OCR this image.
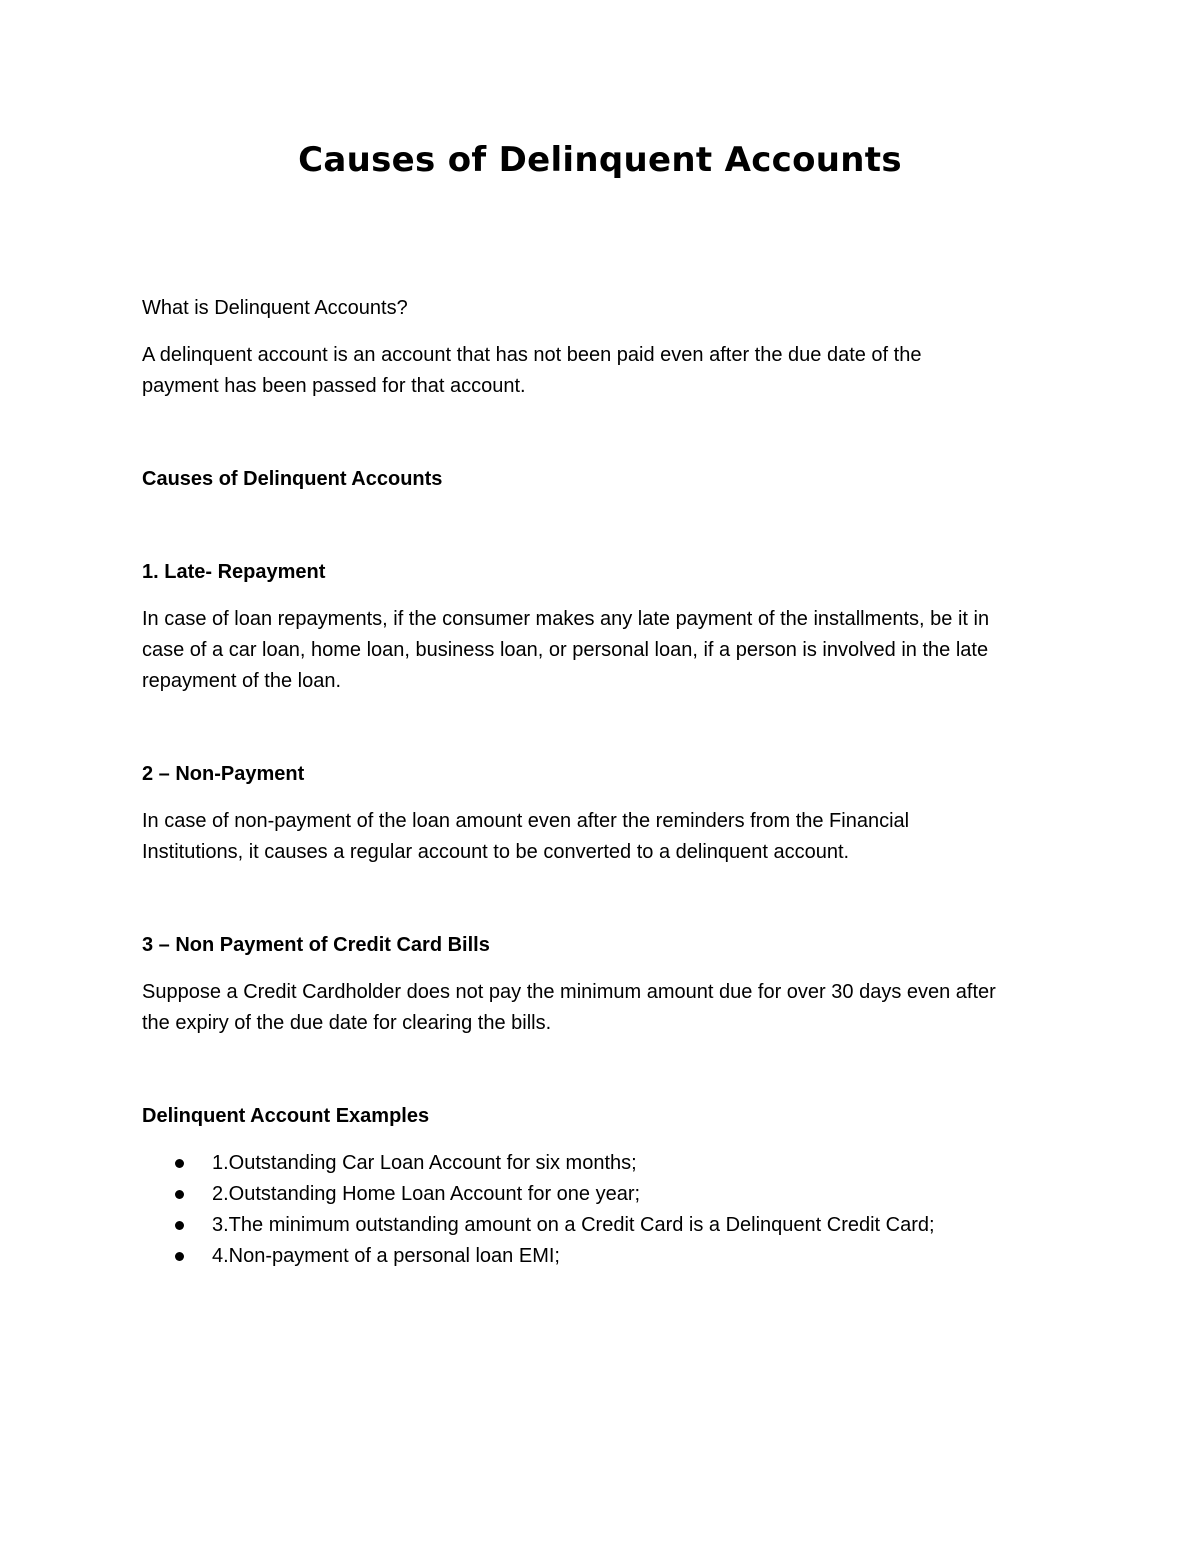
Causes of Delinquent Accounts

What is Delinquent Accounts?

A delinquent account is an account that has not been paid even after the due date of the
payment has been passed for that account.

Causes of Delinquent Accounts

1. Late- Repayment

In case of loan repayments, if the consumer makes any late payment of the installments, be it in
case of a car loan, home loan, business loan, or personal loan, if a person is involved in the late
repayment of the loan.

2 – Non-Payment

In case of non-payment of the loan amount even after the reminders from the Financial
Institutions, it causes a regular account to be converted to a delinquent account.

3 – Non Payment of Credit Card Bills

Suppose a Credit Cardholder does not pay the minimum amount due for over 30 days even after
the expiry of the due date for clearing the bills.

Delinquent Account Examples

1.Outstanding Car Loan Account for six months;
2.Outstanding Home Loan Account for one year;
3.The minimum outstanding amount on a Credit Card is a Delinquent Credit Card;
4.Non-payment of a personal loan EMI;
